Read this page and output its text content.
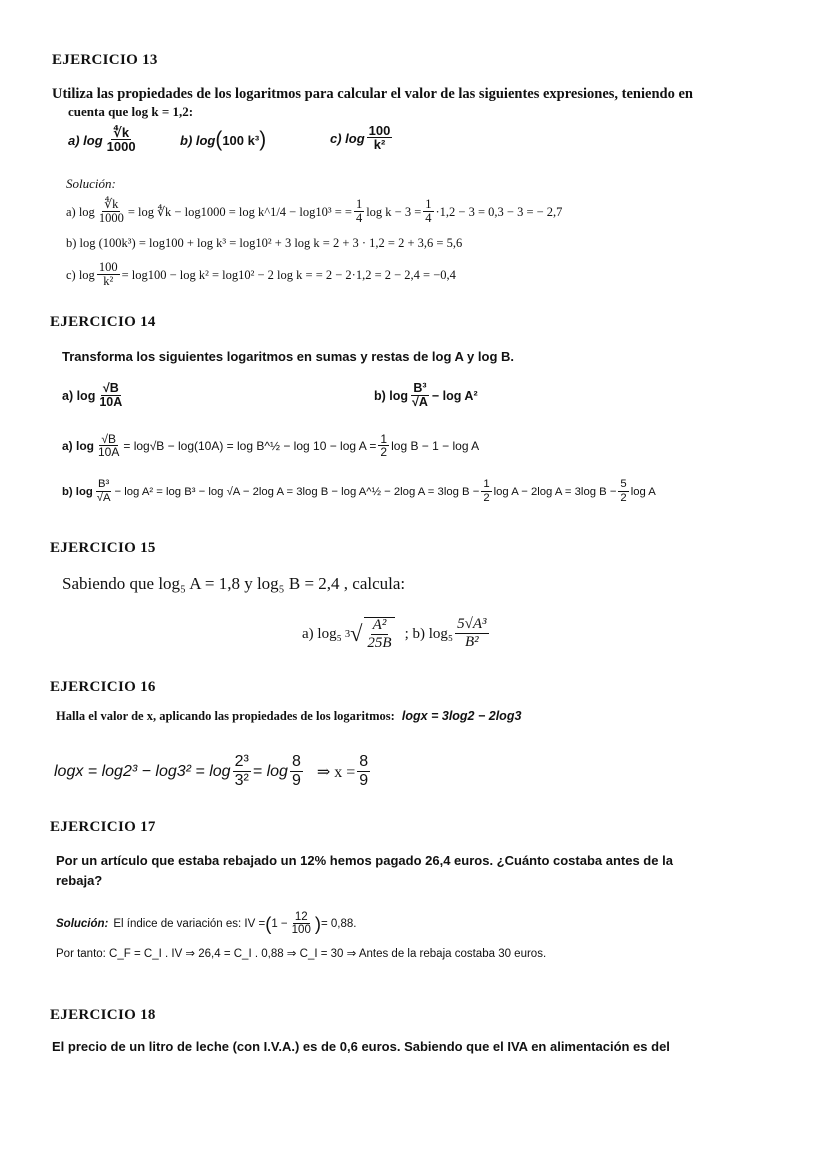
EJERCICIO 13
Utiliza las propiedades de los logaritmos para calcular el valor de las siguientes expresiones, teniendo en
cuenta que log k = 1,2:
a) $\log \frac{∜k}{1000}$	b) log ( 100 k³ )	c) $\log \frac{100}{\text{k²}}$
Solución:
a) $\log \frac{∜k}{1000} = \log$ ∜k − log1000 = log k^1/4 − log10³ = = $\frac{1}{4}$ $\log k - 3 = \frac{1}{4} \cdot 1,2 - 3 = 0,3 - 3$ = − 2,7
b) log (100k³) = log100 + log k³ = log10² + 3 log k = 2 + 3 · 1,2 = 2 + 3,6 = 5,6
c) $\log \frac{100}{\text{k²}} = \log 100 - \log k^2 = \log 10^2 - 2$ log k = = 2 − 2·1,2 = 2 − 2,4 = −0,4
EJERCICIO 14
Transforma los siguientes logaritmos en sumas y restas de log A y log B.
a) $\log \frac{√B}{10A}$	b) $\log \frac{\text{B³}}{√A} - \log A^2$
a) $\log \frac{√B}{10A} = \log√B - \log(10A) = \log$ B^½ − $\log 10 - \log A = \frac{1}{2}$ log B − 1 − log A
b) $\log \frac{\text{B³}}{√A} - \log A^2 = \log B^3 - \log √A - 2\log$ A = 3log B − log A^½ − 2log A = 3log $B - \frac{1}{2}$ log A − 2log A = 3log $B - \frac{5}{2}$ log A
EJERCICIO 15
Sabiendo que log₅ A = 1,8 y log₅ B = 2,4 , calcula:
a) log₅ 3 √ $\frac{\text{A²}}{25B}$ ; b) $\log_5 \frac{\text{5√A³}}{\text{B²}}$
EJERCICIO 16
Halla el valor de x, aplicando las propiedades de los logaritmos: logx = 3log2 − 2log3
$\log x = \log 2^3 - \log 3^2 = \log \frac{\text{2³}}{\text{3²}} = \log \frac{8}{9}$ ⇒ $x = \frac{8}{9}$
EJERCICIO 17
Por un artículo que estaba rebajado un 12% hemos pagado 26,4 euros. ¿Cuánto costaba antes de la
rebaja?
Solución: El índice de variación es: IV = ( $1 - \frac{12}{100}$ ) = 0,88.
Por tanto: C_F = C_I . IV ⇒ 26,4 = C_I . 0,88 ⇒ C_I = 30 ⇒ Antes de la rebaja costaba 30 euros.
EJERCICIO 18
El precio de un litro de leche (con I.V.A.) es de 0,6 euros. Sabiendo que el IVA en alimentación es del
